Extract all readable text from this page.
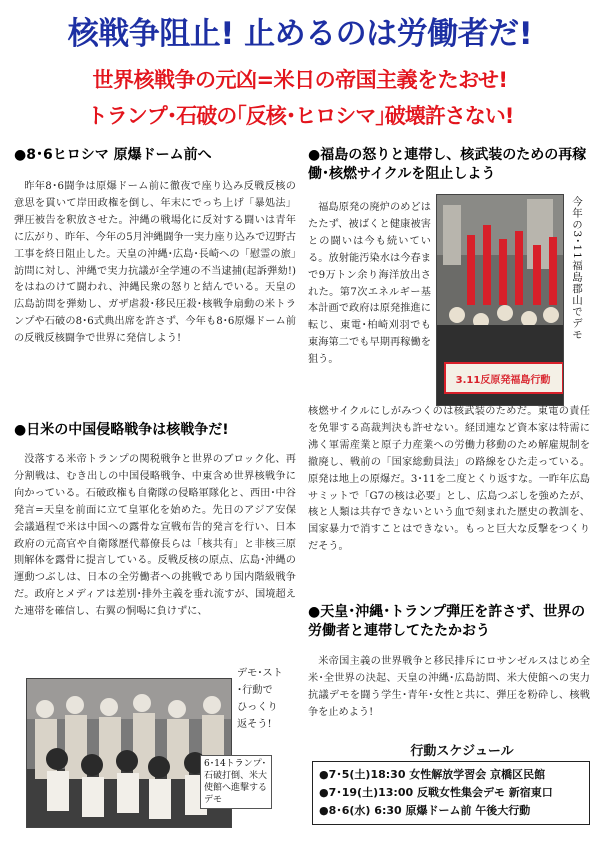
核戦争阻止! 止めるのは労働者だ!
世界核戦争の元凶=米日の帝国主義をたおせ!
トランプ･石破の｢反核･ヒロシマ｣破壊許さない!
●8･6ヒロシマ 原爆ドーム前へ
昨年8･6闘争は原爆ドーム前に徹夜で座り込み反戦反核の意思を貫いて岸田政権を倒し、年末にでっち上げ「暴処法」弾圧被告を釈放させた。沖縄の戦場化に反対する闘いは青年に広がり、昨年、今年の5月沖縄闘争一実力座り込みで辺野古工事を終日阻止した。天皇の沖縄･広島･長崎への「慰霊の旅」訪問に対し、沖縄で実力抗議が全学連の不当逮捕(起訴弾劾!)をはねのけて闘われ、沖縄民衆の怒りと結んでいる。天皇の広島訪問を弾劾し、ガザ虐殺･移民圧殺･核戦争扇動の米トランプや石破の8･6式典出席を許さず、今年も8･6原爆ドーム前の反戦反核闘争で世界に発信しよう!
●日米の中国侵略戦争は核戦争だ!
没落する米帝トランプの関税戦争と世界のブロック化、再分割戦は、むき出しの中国侵略戦争、中東含め世界核戦争に向かっている。石破政権も自衛隊の侵略軍隊化と、西田･中谷発言=天皇を前面に立て皇軍化を始めた。先日のアジア安保会議過程で米は中国への露骨な宣戦布告的発言を行い、日本政府の元高官や自衛隊歴代幕僚長らは「核共有」と非核三原則解体を露骨に提言している。反戦反核の原点、広島･沖縄の運動つぶしは、日本の全労働者への挑戦であり国内階級戦争だ。政府とメディアは差別･排外主義を垂れ流すが、国境超えた連帯を確信し、右翼の恫喝に負けずに、
デモ･スト
･行動で
ひっくり
返そう!
6･14トランプ･石破打倒、米大使館へ進撃するデモ
●福島の怒りと連帯し、核武装のための再稼働･核燃サイクルを阻止しよう
福島原発の廃炉のめどはたたず、被ばくと健康被害との闘いは今も続いている。放射能汚染水は今春まで9万トン余り海洋放出された。第7次エネルギー基本計画で政府は原発推進に転じ、東電･柏崎刈羽でも東海第二でも早期再稼働を狙う。
3.11反原発福島行動
今年の3･11福島郡山でデモ
核燃サイクルにしがみつくのは核武装のためだ。東電の責任を免罪する高裁判決も許せない。経団連など資本家は特需に沸く軍需産業と原子力産業への労働力移動のため解雇規制を撤廃し、戦前の「国家総動員法」の路線をひた走っている。原発は地上の原爆だ。3･11を二度とくり返すな。一昨年広島サミットで「G7の核は必要」とし、広島つぶしを強めたが、核と人類は共存できないという血で刻まれた歴史の教訓を、国家暴力で消すことはできない。もっと巨大な反撃をつくりだそう。
●天皇･沖縄･トランプ弾圧を許さず、世界の労働者と連帯してたたかおう
米帝国主義の世界戦争と移民排斥にロサンゼルスはじめ全米･全世界の決起、天皇の沖縄･広島訪問、米大使館への実力抗議デモを闘う学生･青年･女性と共に、弾圧を粉砕し、核戦争を止めよう!
行動スケジュール
●7･5(土)18:30 女性解放学習会 京橋区民館
●7･19(土)13:00 反戦女性集会デモ 新宿東口
●8･6(水) 6:30 原爆ドーム前 午後大行動
